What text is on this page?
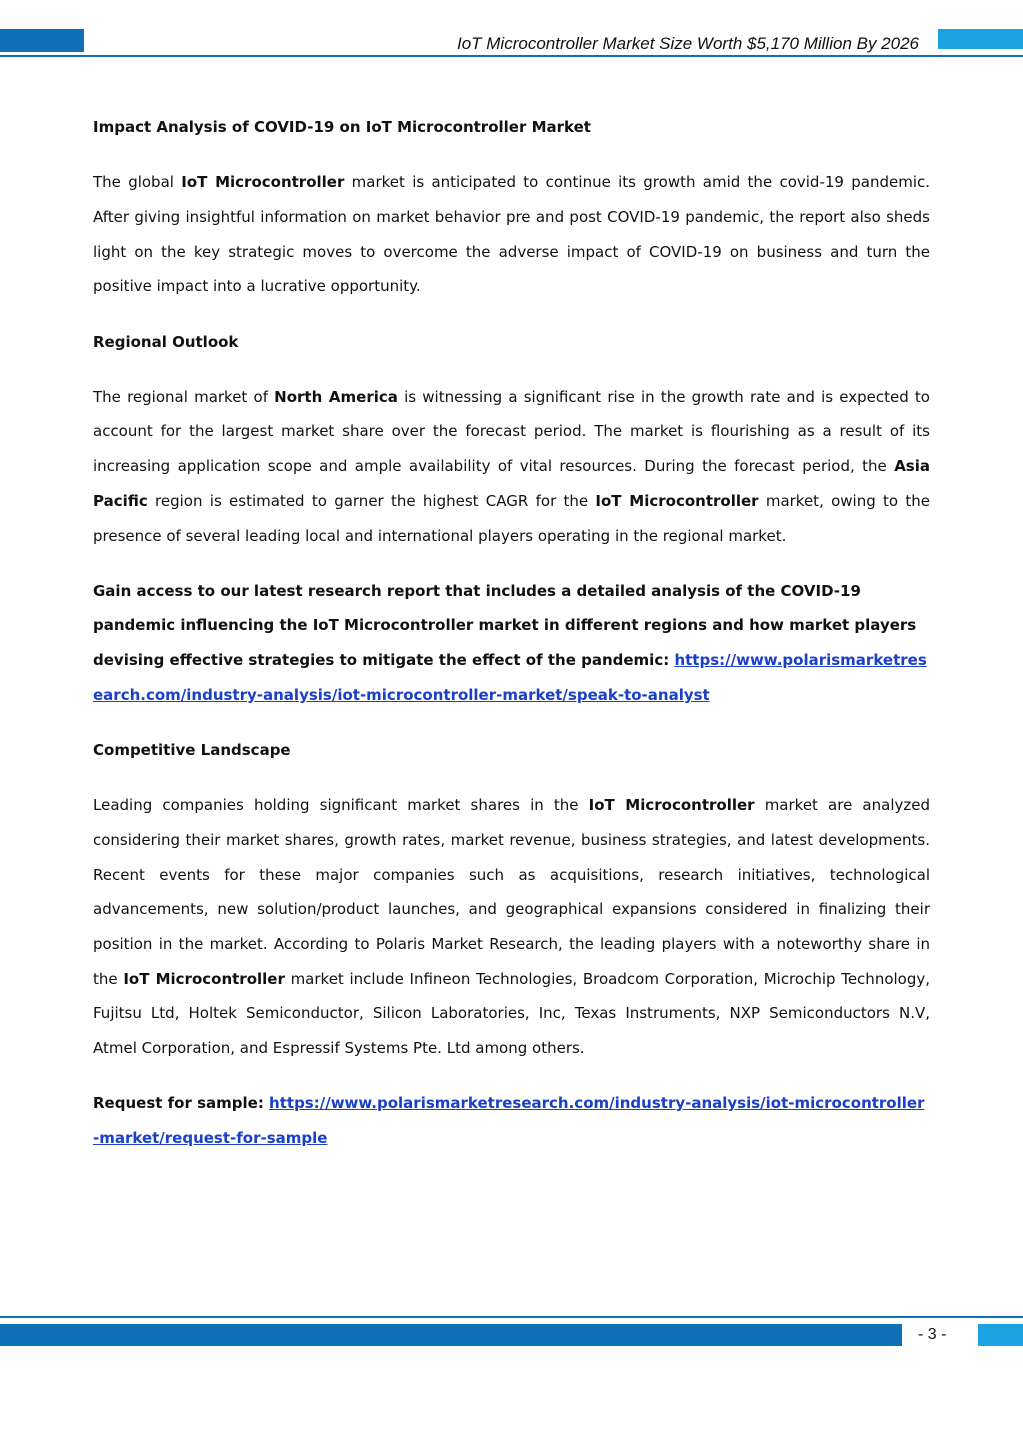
IoT Microcontroller Market Size Worth $5,170 Million By 2026
Impact Analysis of COVID-19 on IoT Microcontroller Market

The global IoT Microcontroller market is anticipated to continue its growth amid the covid-19 pandemic. After giving insightful information on market behavior pre and post COVID-19 pandemic, the report also sheds light on the key strategic moves to overcome the adverse impact of COVID-19 on business and turn the positive impact into a lucrative opportunity.

Regional Outlook

The regional market of North America is witnessing a significant rise in the growth rate and is expected to account for the largest market share over the forecast period. The market is flourishing as a result of its increasing application scope and ample availability of vital resources. During the forecast period, the Asia Pacific region is estimated to garner the highest CAGR for the IoT Microcontroller market, owing to the presence of several leading local and international players operating in the regional market.

Gain access to our latest research report that includes a detailed analysis of the COVID-19 pandemic influencing the IoT Microcontroller market in different regions and how market players devising effective strategies to mitigate the effect of the pandemic: https://www.polarismarketresearch.com/industry-analysis/iot-microcontroller-market/speak-to-analyst

Competitive Landscape

Leading companies holding significant market shares in the IoT Microcontroller market are analyzed considering their market shares, growth rates, market revenue, business strategies, and latest developments. Recent events for these major companies such as acquisitions, research initiatives, technological advancements, new solution/product launches, and geographical expansions considered in finalizing their position in the market. According to Polaris Market Research, the leading players with a noteworthy share in the IoT Microcontroller market include Infineon Technologies, Broadcom Corporation, Microchip Technology, Fujitsu Ltd, Holtek Semiconductor, Silicon Laboratories, Inc, Texas Instruments, NXP Semiconductors N.V, Atmel Corporation, and Espressif Systems Pte. Ltd among others.

Request for sample: https://www.polarismarketresearch.com/industry-analysis/iot-microcontroller-market/request-for-sample

- 3 -
